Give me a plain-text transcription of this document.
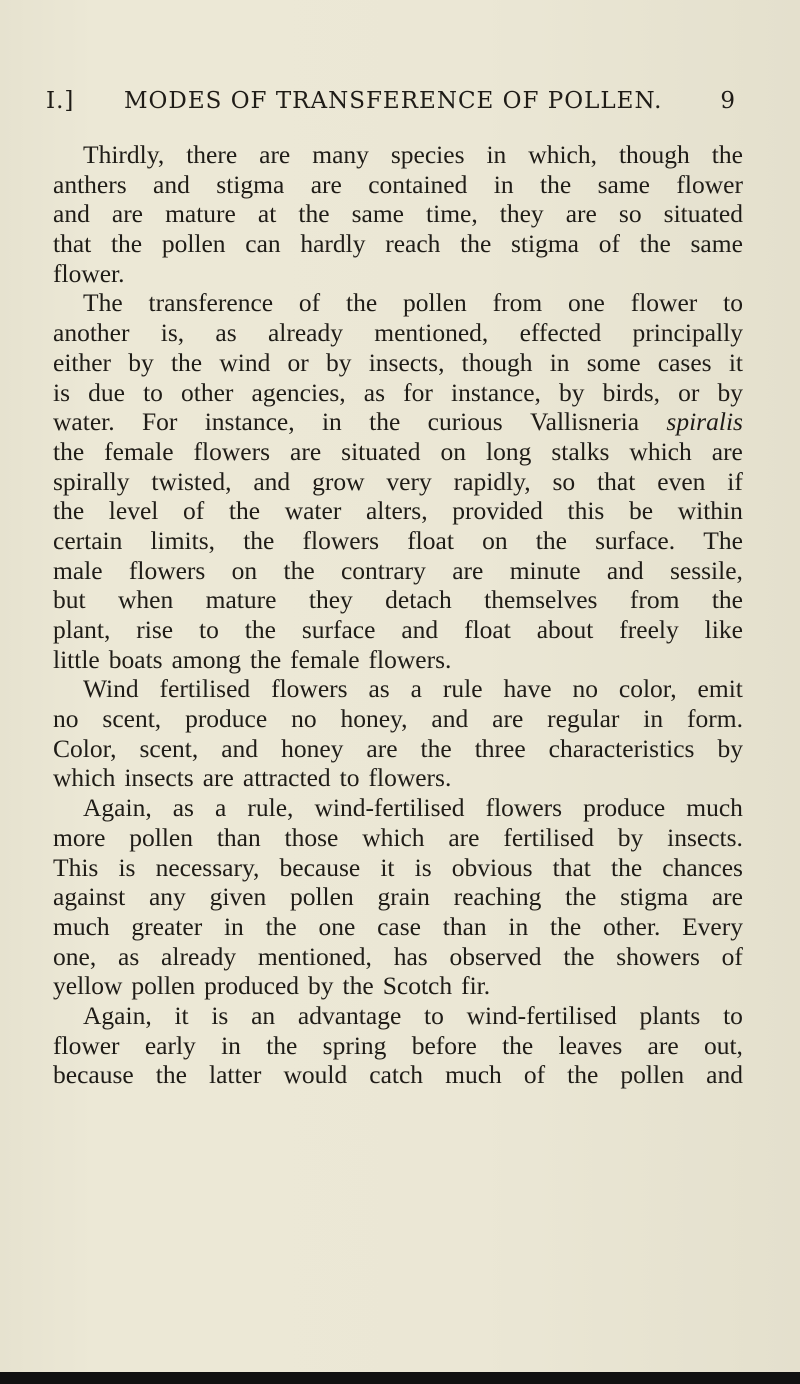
I.] MODES OF TRANSFERENCE OF POLLEN.	9
Thirdly, there are many species in which, though the
anthers and stigma are contained in the same flower
and are mature at the same time, they are so situated
that the pollen can hardly reach the stigma of the same
flower.
The transference of the pollen from one flower to
another is, as already mentioned, effected principally
either by the wind or by insects, though in some cases it
is due to other agencies, as for instance, by birds, or by
water. For instance, in the curious Vallisneria spiralis
the female flowers are situated on long stalks which are
spirally twisted, and grow very rapidly, so that even if
the level of the water alters, provided this be within
certain limits, the flowers float on the surface. The
male flowers on the contrary are minute and sessile,
but when mature they detach themselves from the
plant, rise to the surface and float about freely like
little boats among the female flowers.
Wind fertilised flowers as a rule have no color, emit
no scent, produce no honey, and are regular in form.
Color, scent, and honey are the three characteristics by
which insects are attracted to flowers.
Again, as a rule, wind-fertilised flowers produce much
more pollen than those which are fertilised by insects.
This is necessary, because it is obvious that the chances
against any given pollen grain reaching the stigma are
much greater in the one case than in the other. Every
one, as already mentioned, has observed the showers of
yellow pollen produced by the Scotch fir.
Again, it is an advantage to wind-fertilised plants to
flower early in the spring before the leaves are out,
because the latter would catch much of the pollen and
